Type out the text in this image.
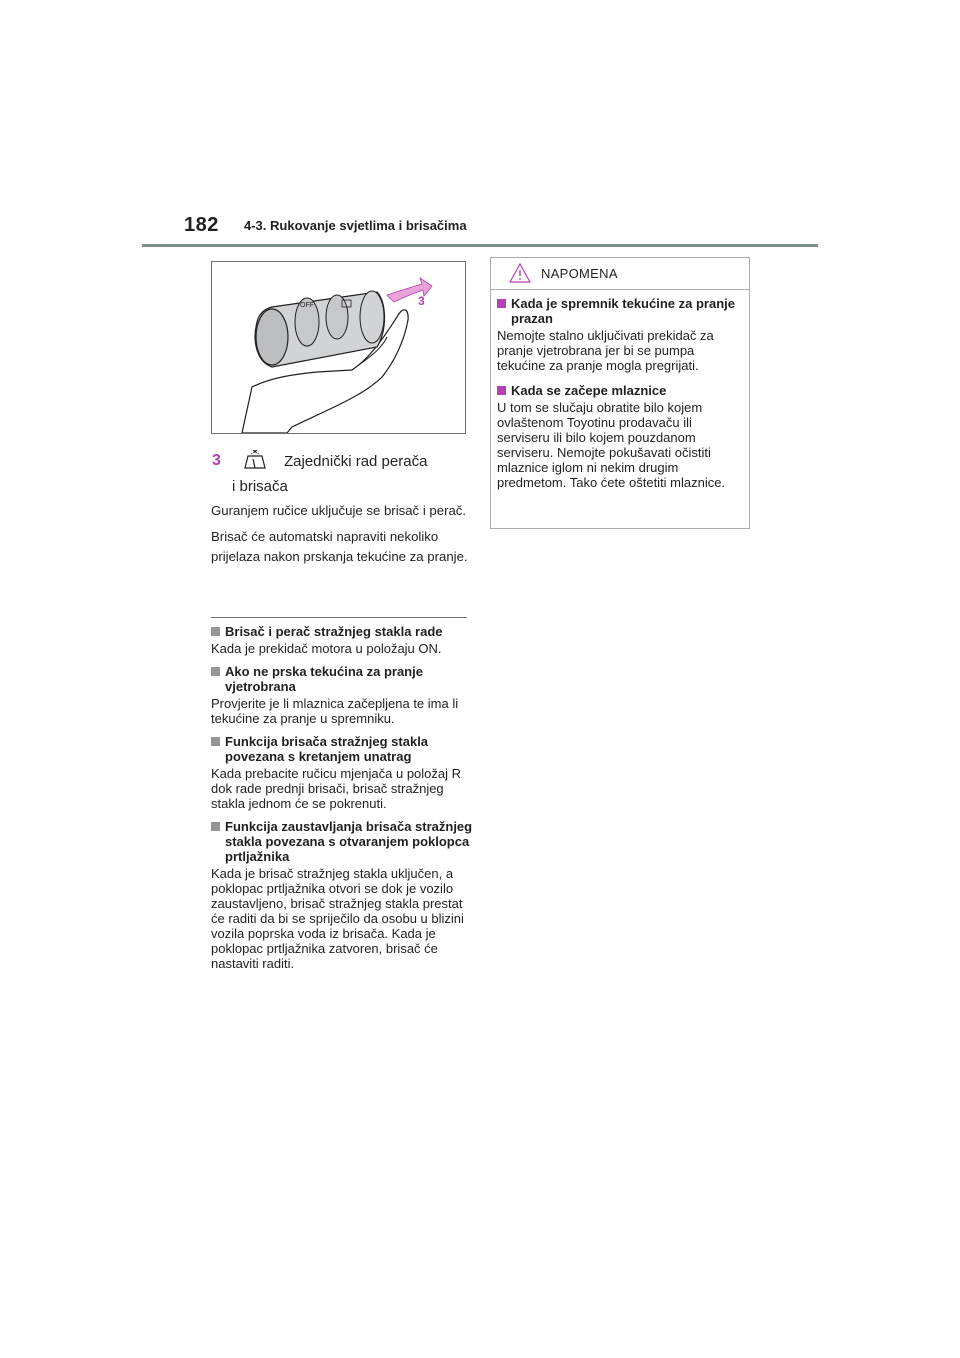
182 4-3. Rukovanje svjetlima i brisačima
OFF	3
3	Zajednički rad perača
i brisača

Guranjem ručice uključuje se brisač i perač.

Brisač će automatski napraviti nekoliko prijelaza nakon prskanja tekućine za pranje.

Brisač i perač stražnjeg stakla rade
Kada je prekidač motora u položaju ON.
Ako ne prska tekućina za pranje vjetrobrana
Provjerite je li mlaznica začepljena te ima li tekućine za pranje u spremniku.
Funkcija brisača stražnjeg stakla povezana s kretanjem unatrag
Kada prebacite ručicu mjenjača u položaj R dok rade prednji brisači, brisač stražnjeg stakla jednom će se pokrenuti.
Funkcija zaustavljanja brisača stražnjeg stakla povezana s otvaranjem poklopca prtljažnika
Kada je brisač stražnjeg stakla uključen, a poklopac prtljažnika otvori se dok je vozilo zaustavljeno, brisač stražnjeg stakla prestat će raditi da bi se spriječilo da osobu u blizini vozila poprska voda iz brisača. Kada je poklopac prtljažnika zatvoren, brisač će nastaviti raditi.
NAPOMENA
Kada je spremnik tekućine za pranje prazan
Nemojte stalno uključivati prekidač za pranje vjetrobrana jer bi se pumpa tekućine za pranje mogla pregrijati.
Kada se začepe mlaznice
U tom se slučaju obratite bilo kojem ovlaštenom Toyotinu prodavaču ili serviseru ili bilo kojem pouzdanom serviseru. Nemojte pokušavati očistiti mlaznice iglom ni nekim drugim predmetom. Tako ćete oštetiti mlaznice.
